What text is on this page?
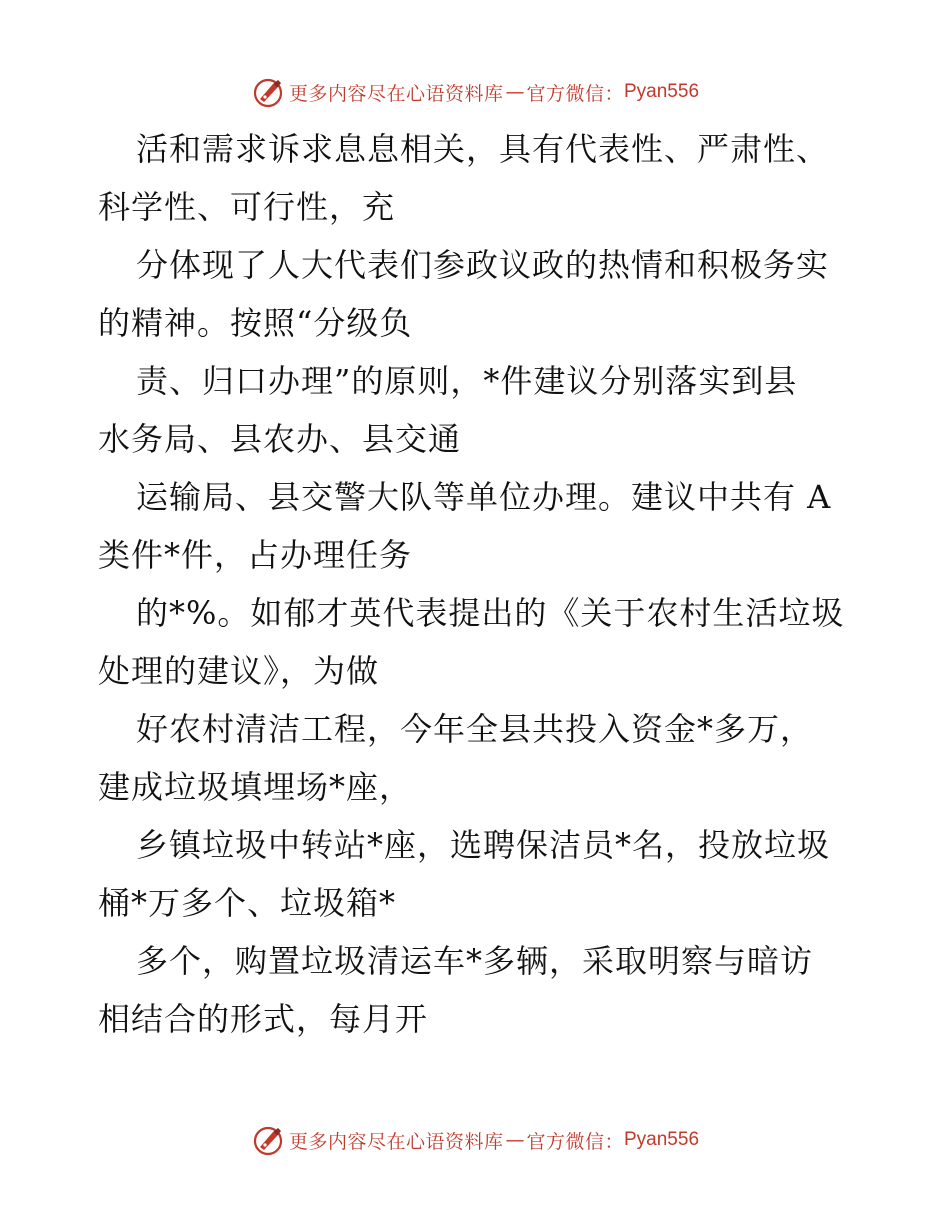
更多内容尽在心语资料库 — 官方微信： Pyan556
活和需求诉求息息相关，具有代表性、严肃性、
科学性、可行性，充
分体现了人大代表们参政议政的热情和积极务实
的精神。按照“分级负
责、归口办理”的原则，*件建议分别落实到县
水务局、县农办、县交通
运输局、县交警大队等单位办理。建议中共有 A
类件*件，占办理任务
的*%。如郁才英代表提出的《关于农村生活垃圾
处理的建议》，为做
好农村清洁工程，今年全县共投入资金*多万，
建成垃圾填埋场*座，
乡镇垃圾中转站*座，选聘保洁员*名，投放垃圾
桶*万多个、垃圾箱*
多个，购置垃圾清运车*多辆，采取明察与暗访
相结合的形式，每月开
更多内容尽在心语资料库 — 官方微信： Pyan556
